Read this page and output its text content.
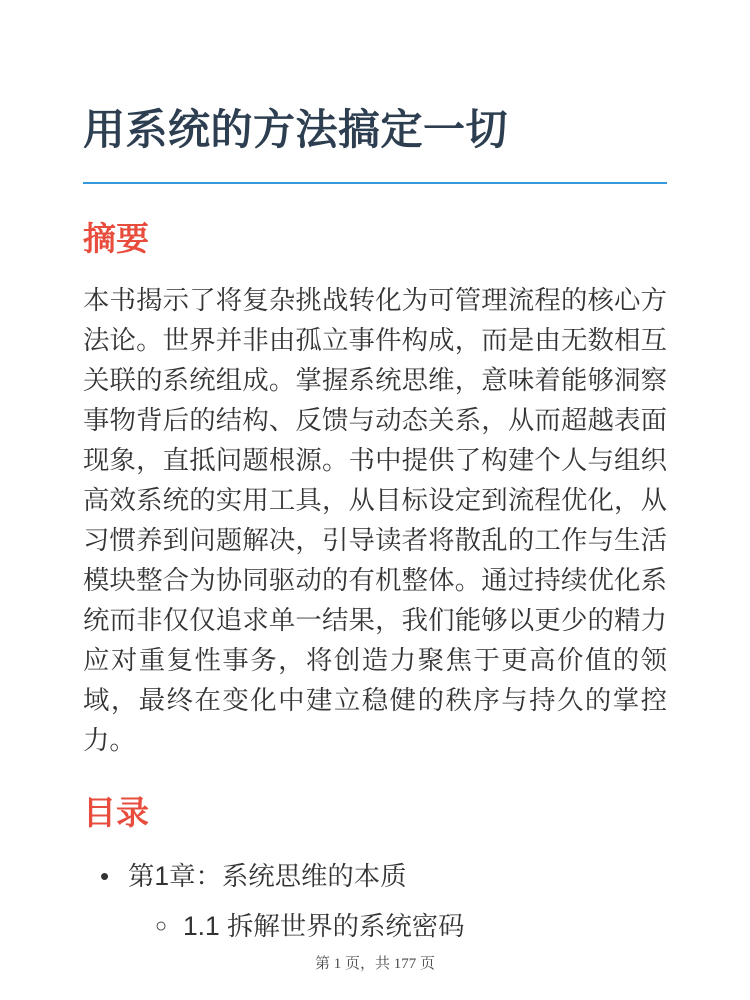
用系统的方法搞定一切
摘要

本书揭示了将复杂挑战转化为可管理流程的核心方法论。世界并非由孤立事件构成，而是由无数相互关联的系统组成。掌握系统思维，意味着能够洞察事物背后的结构、反馈与动态关系，从而超越表面现象，直抵问题根源。书中提供了构建个人与组织高效系统的实用工具，从目标设定到流程优化，从习惯养到问题解决，引导读者将散乱的工作与生活模块整合为协同驱动的有机整体。通过持续优化系统而非仅仅追求单一结果，我们能够以更少的精力应对重复性事务，将创造力聚焦于更高价值的领域，最终在变化中建立稳健的秩序与持久的掌控力。

目录
• 第1章：系统思维的本质
○ 1.1 拆解世界的系统密码
第 1 页，共 177 页
